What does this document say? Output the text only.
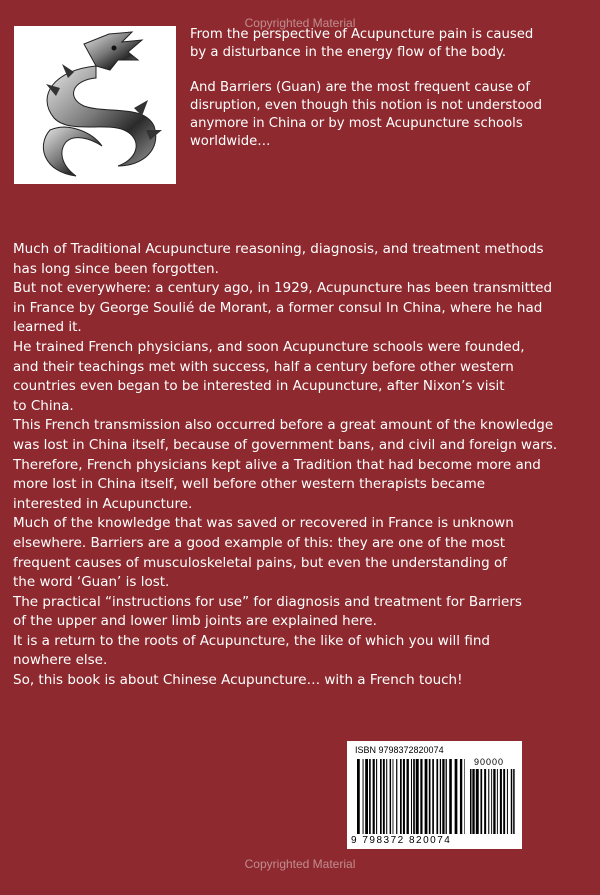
Copyrighted Material

From the perspective of Acupuncture pain is caused by a disturbance in the energy flow of the body.

And Barriers (Guan) are the most frequent cause of disruption, even though this notion is not understood anymore in China or by most Acupuncture schools worldwide…

Much of Traditional Acupuncture reasoning, diagnosis, and treatment methods

has long since been forgotten.

But not everywhere: a century ago, in 1929, Acupuncture has been transmitted

in France by George Soulié de Morant, a former consul In China, where he had

learned it.

He trained French physicians, and soon Acupuncture schools were founded,

and their teachings met with success, half a century before other western

countries even began to be interested in Acupuncture, after Nixon’s visit

to China.

This French transmission also occurred before a great amount of the knowledge

was lost in China itself, because of government bans, and civil and foreign wars.

Therefore, French physicians kept alive a Tradition that had become more and

more lost in China itself, well before other western therapists became

interested in Acupuncture.

Much of the knowledge that was saved or recovered in France is unknown

elsewhere. Barriers are a good example of this: they are one of the most

frequent causes of musculoskeletal pains, but even the understanding of

the word ‘Guan’ is lost.

The practical “instructions for use” for diagnosis and treatment for Barriers

of the upper and lower limb joints are explained here.

It is a return to the roots of Acupuncture, the like of which you will find

nowhere else.

So, this book is about Chinese Acupuncture… with a French touch!

ISBN 9798372820074
90000
9 798372 820074
Copyrighted Material
